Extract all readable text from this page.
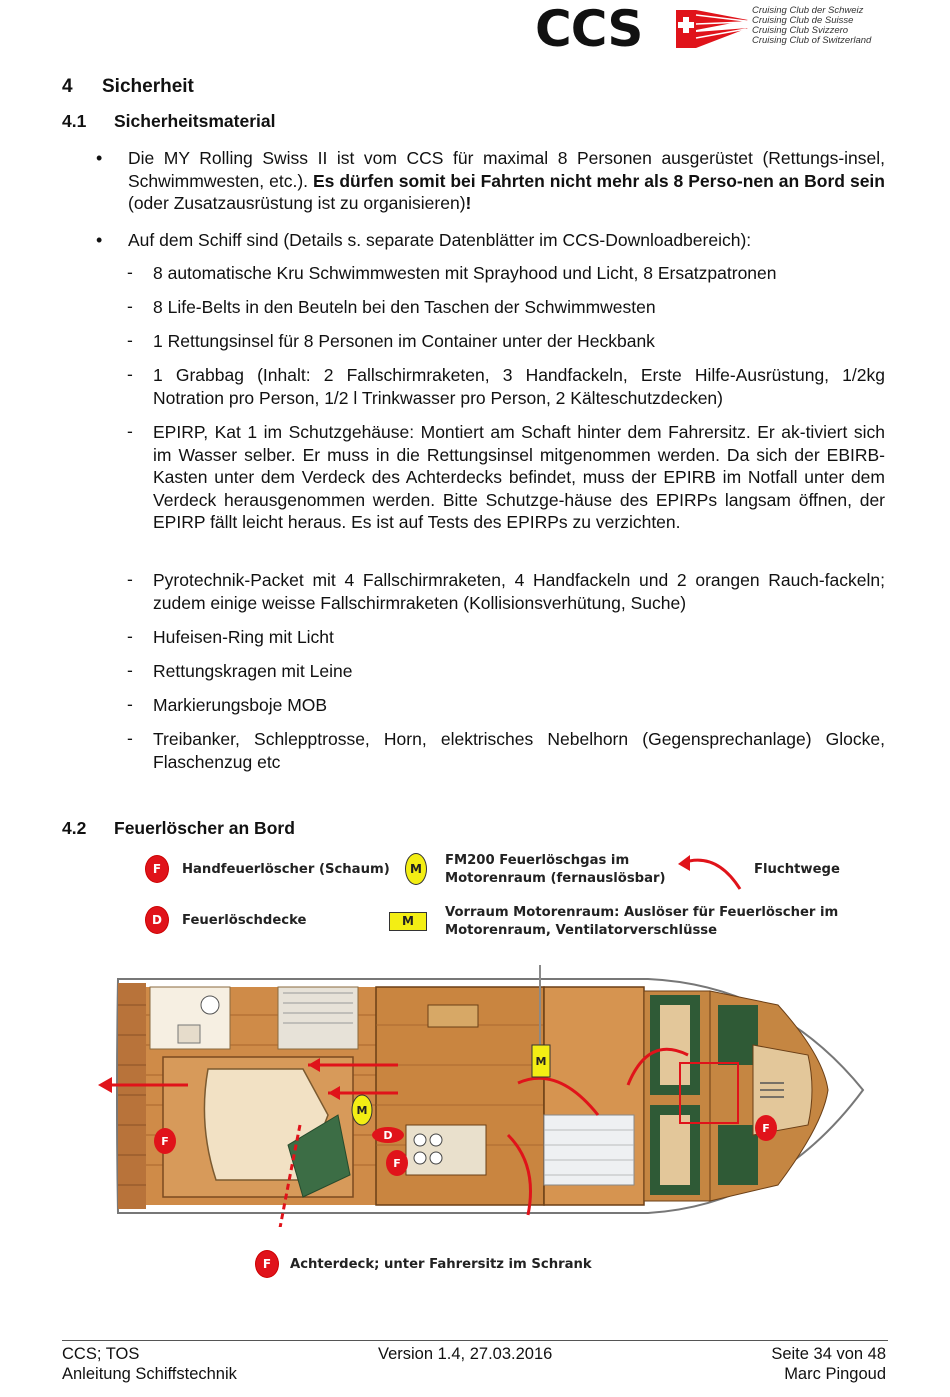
CCS	Cruising Club der Schweiz
Cruising Club de Suisse
Cruising Club Svizzero
Cruising Club of Switzerland
4 Sicherheit
4.1 Sicherheitsmaterial
• Die MY Rolling Swiss II ist vom CCS für maximal 8 Personen ausgerüstet (Rettungs-insel, Schwimmwesten, etc.). Es dürfen somit bei Fahrten nicht mehr als 8 Perso-nen an Bord sein (oder Zusatzausrüstung ist zu organisieren)!
• Auf dem Schiff sind (Details s. separate Datenblätter im CCS-Downloadbereich):
- 8 automatische Kru Schwimmwesten mit Sprayhood und Licht, 8 Ersatzpatronen
- 8 Life-Belts in den Beuteln bei den Taschen der Schwimmwesten
- 1 Rettungsinsel für 8 Personen im Container unter der Heckbank
- 1 Grabbag (Inhalt: 2 Fallschirmraketen, 3 Handfackeln, Erste Hilfe-Ausrüstung, 1/2kg Notration pro Person, 1/2 l Trinkwasser pro Person, 2 Kälteschutzdecken)
- EPIRP, Kat 1 im Schutzgehäuse: Montiert am Schaft hinter dem Fahrersitz. Er ak-tiviert sich im Wasser selber. Er muss in die Rettungsinsel mitgenommen werden. Da sich der EBIRB-Kasten unter dem Verdeck des Achterdecks befindet, muss der EPIRB im Notfall unter dem Verdeck herausgenommen werden. Bitte Schutzge-häuse des EPIRPs langsam öffnen, der EPIRP fällt leicht heraus. Es ist auf Tests des EPIRPs zu verzichten.
- Pyrotechnik-Packet mit 4 Fallschirmraketen, 4 Handfackeln und 2 orangen Rauch-fackeln; zudem einige weisse Fallschirmraketen (Kollisionsverhütung, Suche)
- Hufeisen-Ring mit Licht
- Rettungskragen mit Leine
- Markierungsboje MOB
- Treibanker, Schlepptrosse, Horn, elektrisches Nebelhorn (Gegensprechanlage) Glocke, Flaschenzug etc
4.2 Feuerlöscher an Bord
F	Handfeuerlöscher (Schaum)
D	Feuerlöschdecke
M
FM200 Feuerlöschgas im
Motorenraum (fernauslösbar)
M
Vorraum Motorenraum: Auslöser für Feuerlöscher im
Motorenraum, Ventilatorverschlüsse
Fluchtwege
F
F
D
F
M
M
F	Achterdeck; unter Fahrersitz im Schrank
CCS; TOS
Anleitung Schiffstechnik
Version 1.4, 27.03.2016	Seite 34 von 48
Marc Pingoud
